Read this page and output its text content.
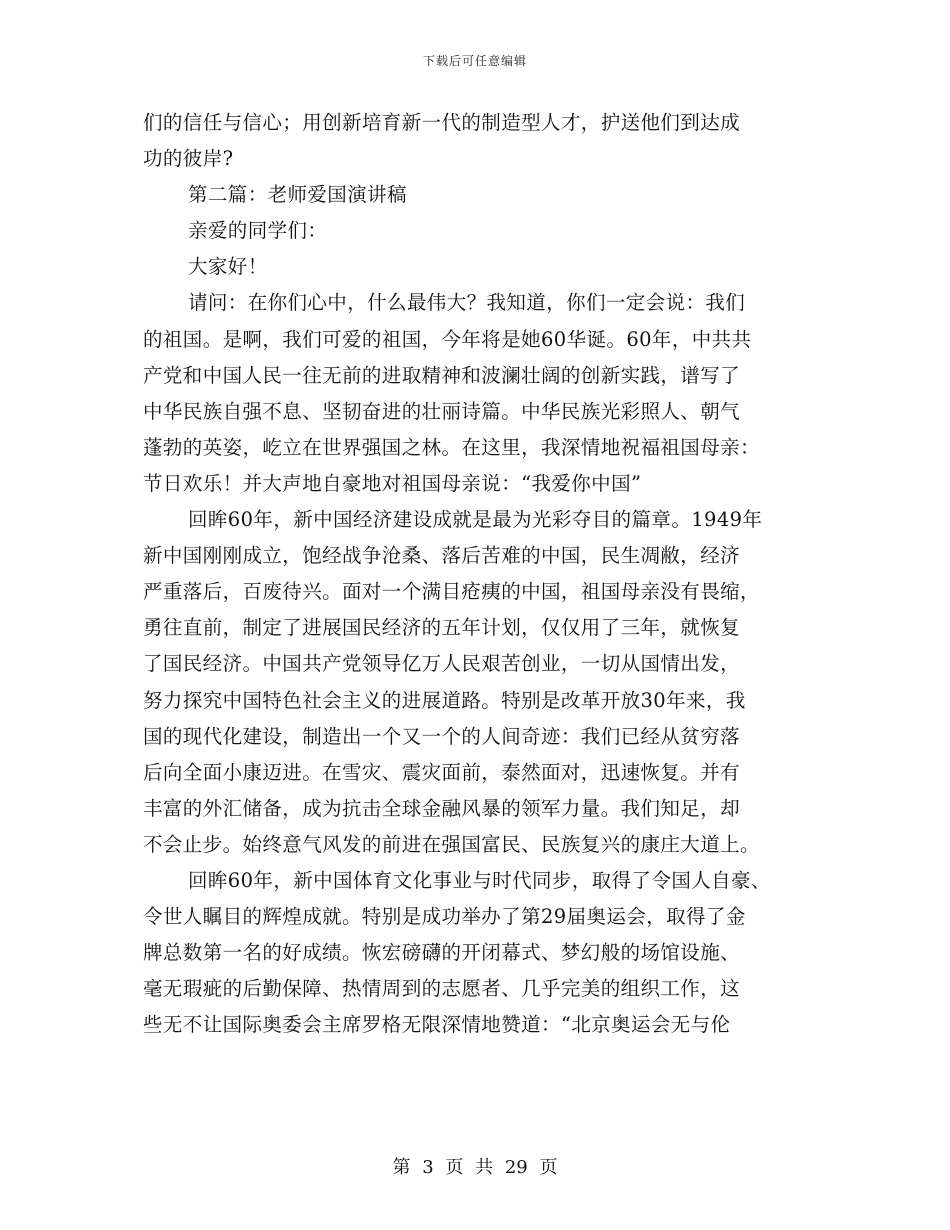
下载后可任意编辑
们的信任与信心；用创新培育新一代的制造型人才，护送他们到达成
功的彼岸?
第二篇：老师爱国演讲稿
亲爱的同学们：
大家好！
请问：在你们心中，什么最伟大？我知道，你们一定会说：我们
的祖国。是啊，我们可爱的祖国，今年将是她60华诞。60年，中共共
产党和中国人民一往无前的进取精神和波澜壮阔的创新实践，谱写了
中华民族自强不息、坚韧奋进的壮丽诗篇。中华民族光彩照人、朝气
蓬勃的英姿，屹立在世界强国之林。在这里，我深情地祝福祖国母亲：
节日欢乐！并大声地自豪地对祖国母亲说：“我爱你中国”
回眸60年，新中国经济建设成就是最为光彩夺目的篇章。1949年
新中国刚刚成立，饱经战争沧桑、落后苦难的中国，民生凋敝，经济
严重落后，百废待兴。面对一个满目疮痍的中国，祖国母亲没有畏缩，
勇往直前，制定了进展国民经济的五年计划，仅仅用了三年，就恢复
了国民经济。中国共产党领导亿万人民艰苦创业，一切从国情出发，
努力探究中国特色社会主义的进展道路。特别是改革开放30年来，我
国的现代化建设，制造出一个又一个的人间奇迹：我们已经从贫穷落
后向全面小康迈进。在雪灾、震灾面前，泰然面对，迅速恢复。并有
丰富的外汇储备，成为抗击全球金融风暴的领军力量。我们知足，却
不会止步。始终意气风发的前进在强国富民、民族复兴的康庄大道上。
回眸60年，新中国体育文化事业与时代同步，取得了令国人自豪、
令世人瞩目的辉煌成就。特别是成功举办了第29届奥运会，取得了金
牌总数第一名的好成绩。恢宏磅礴的开闭幕式、梦幻般的场馆设施、
毫无瑕疵的后勤保障、热情周到的志愿者、几乎完美的组织工作，这
些无不让国际奥委会主席罗格无限深情地赞道：“北京奥运会无与伦
第 3 页 共 29 页
